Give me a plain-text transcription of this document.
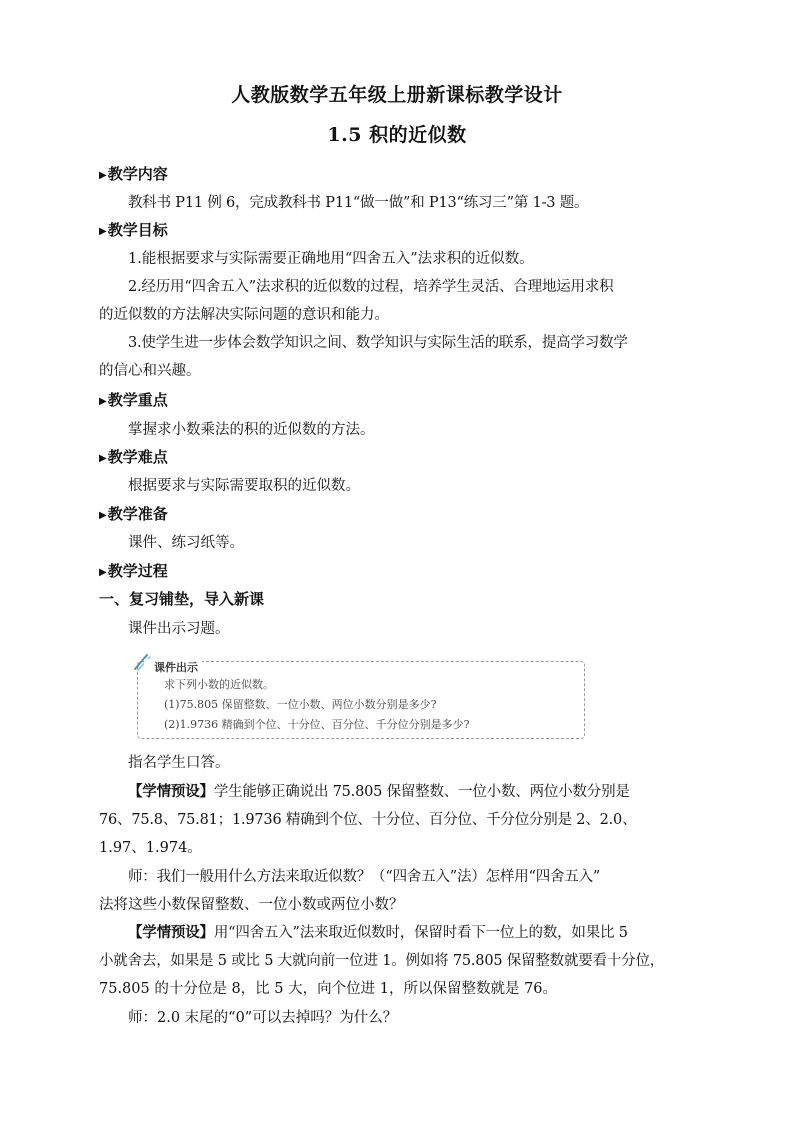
人教版数学五年级上册新课标教学设计
1.5 积的近似数
▶教学内容
教科书 P11 例 6，完成教科书 P11“做一做”和 P13“练习三”第 1-3 题。
▶教学目标
1.能根据要求与实际需要正确地用“四舍五入”法求积的近似数。
2.经历用“四舍五入”法求积的近似数的过程，培养学生灵活、合理地运用求积
的近似数的方法解决实际问题的意识和能力。
3.使学生进一步体会数学知识之间、数学知识与实际生活的联系，提高学习数学
的信心和兴趣。
▶教学重点
掌握求小数乘法的积的近似数的方法。
▶教学难点
根据要求与实际需要取积的近似数。
▶教学准备
课件、练习纸等。
▶教学过程
一、复习铺垫，导入新课
课件出示习题。
课件出示
求下列小数的近似数。
(1)75.805 保留整数、一位小数、两位小数分别是多少?
(2)1.9736 精确到个位、十分位、百分位、千分位分别是多少?
指名学生口答。
【学情预设】学生能够正确说出 75.805 保留整数、一位小数、两位小数分别是
76、75.8、75.81；1.9736 精确到个位、十分位、百分位、千分位分别是 2、2.0、
1.97、1.974。
师：我们一般用什么方法来取近似数？（“四舍五入”法）怎样用“四舍五入”
法将这些小数保留整数、一位小数或两位小数？
【学情预设】用“四舍五入”法来取近似数时，保留时看下一位上的数，如果比 5
小就舍去，如果是 5 或比 5 大就向前一位进 1。例如将 75.805 保留整数就要看十分位，
75.805 的十分位是 8，比 5 大，向个位进 1，所以保留整数就是 76。
师：2.0 末尾的“0”可以去掉吗？为什么？
